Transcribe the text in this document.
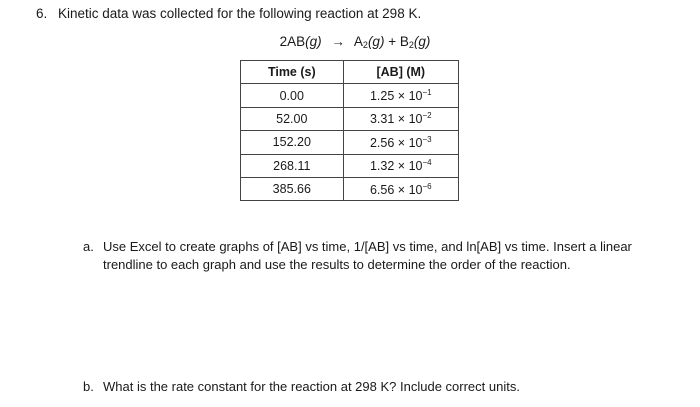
6. Kinetic data was collected for the following reaction at 298 K.
$2AB(g) \to A_2(g) + B_2(g)$
Time (s)	[AB] (M)
0.00	$1.25 \times 10^{-1}$
52.00	$3.31 \times 10^{-2}$
152.20	$2.56 \times 10^{-3}$
268.11	$1.32 \times 10^{-4}$
385.66	$6.56 \times 10^{-6}$
a. Use Excel to create graphs of [AB] vs time, 1/[AB] vs time, and ln[AB] vs time. Insert a linear
trendline to each graph and use the results to determine the order of the reaction.
b. What is the rate constant for the reaction at 298 K? Include correct units.
